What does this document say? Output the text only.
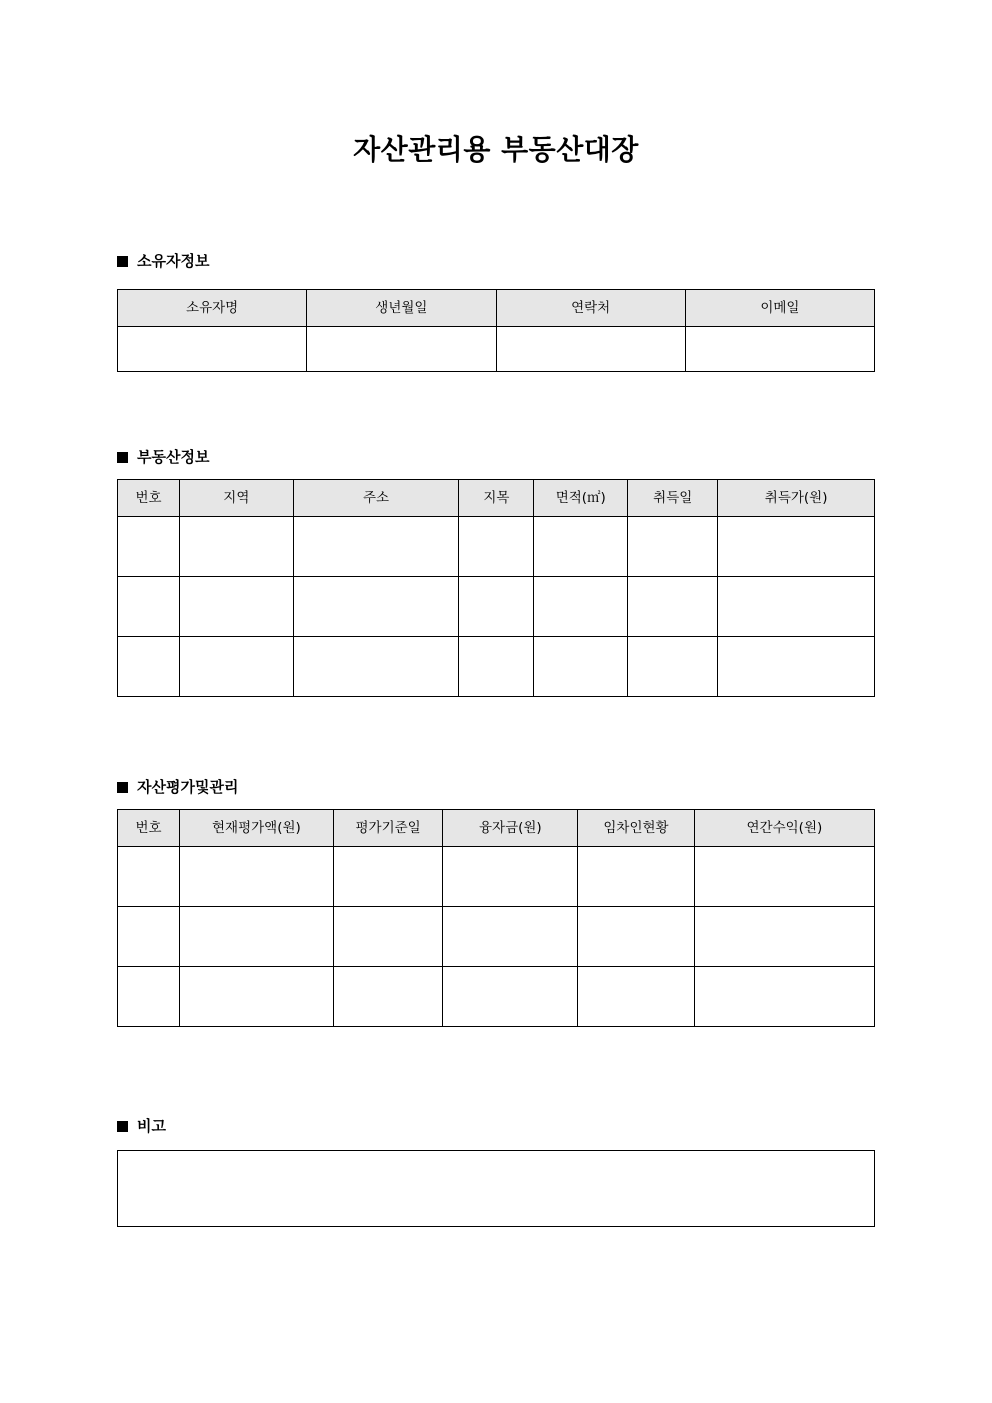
자산관리용 부동산대장
소유자정보
소유자명	생년월일	연락처	이메일

부동산정보
번호	지역	주소	지목	면적(㎡)	취득일	취득가(원)

자산평가및관리
번호	현재평가액(원)	평가기준일	융자금(원)	임차인현황	연간수익(원)

비고
